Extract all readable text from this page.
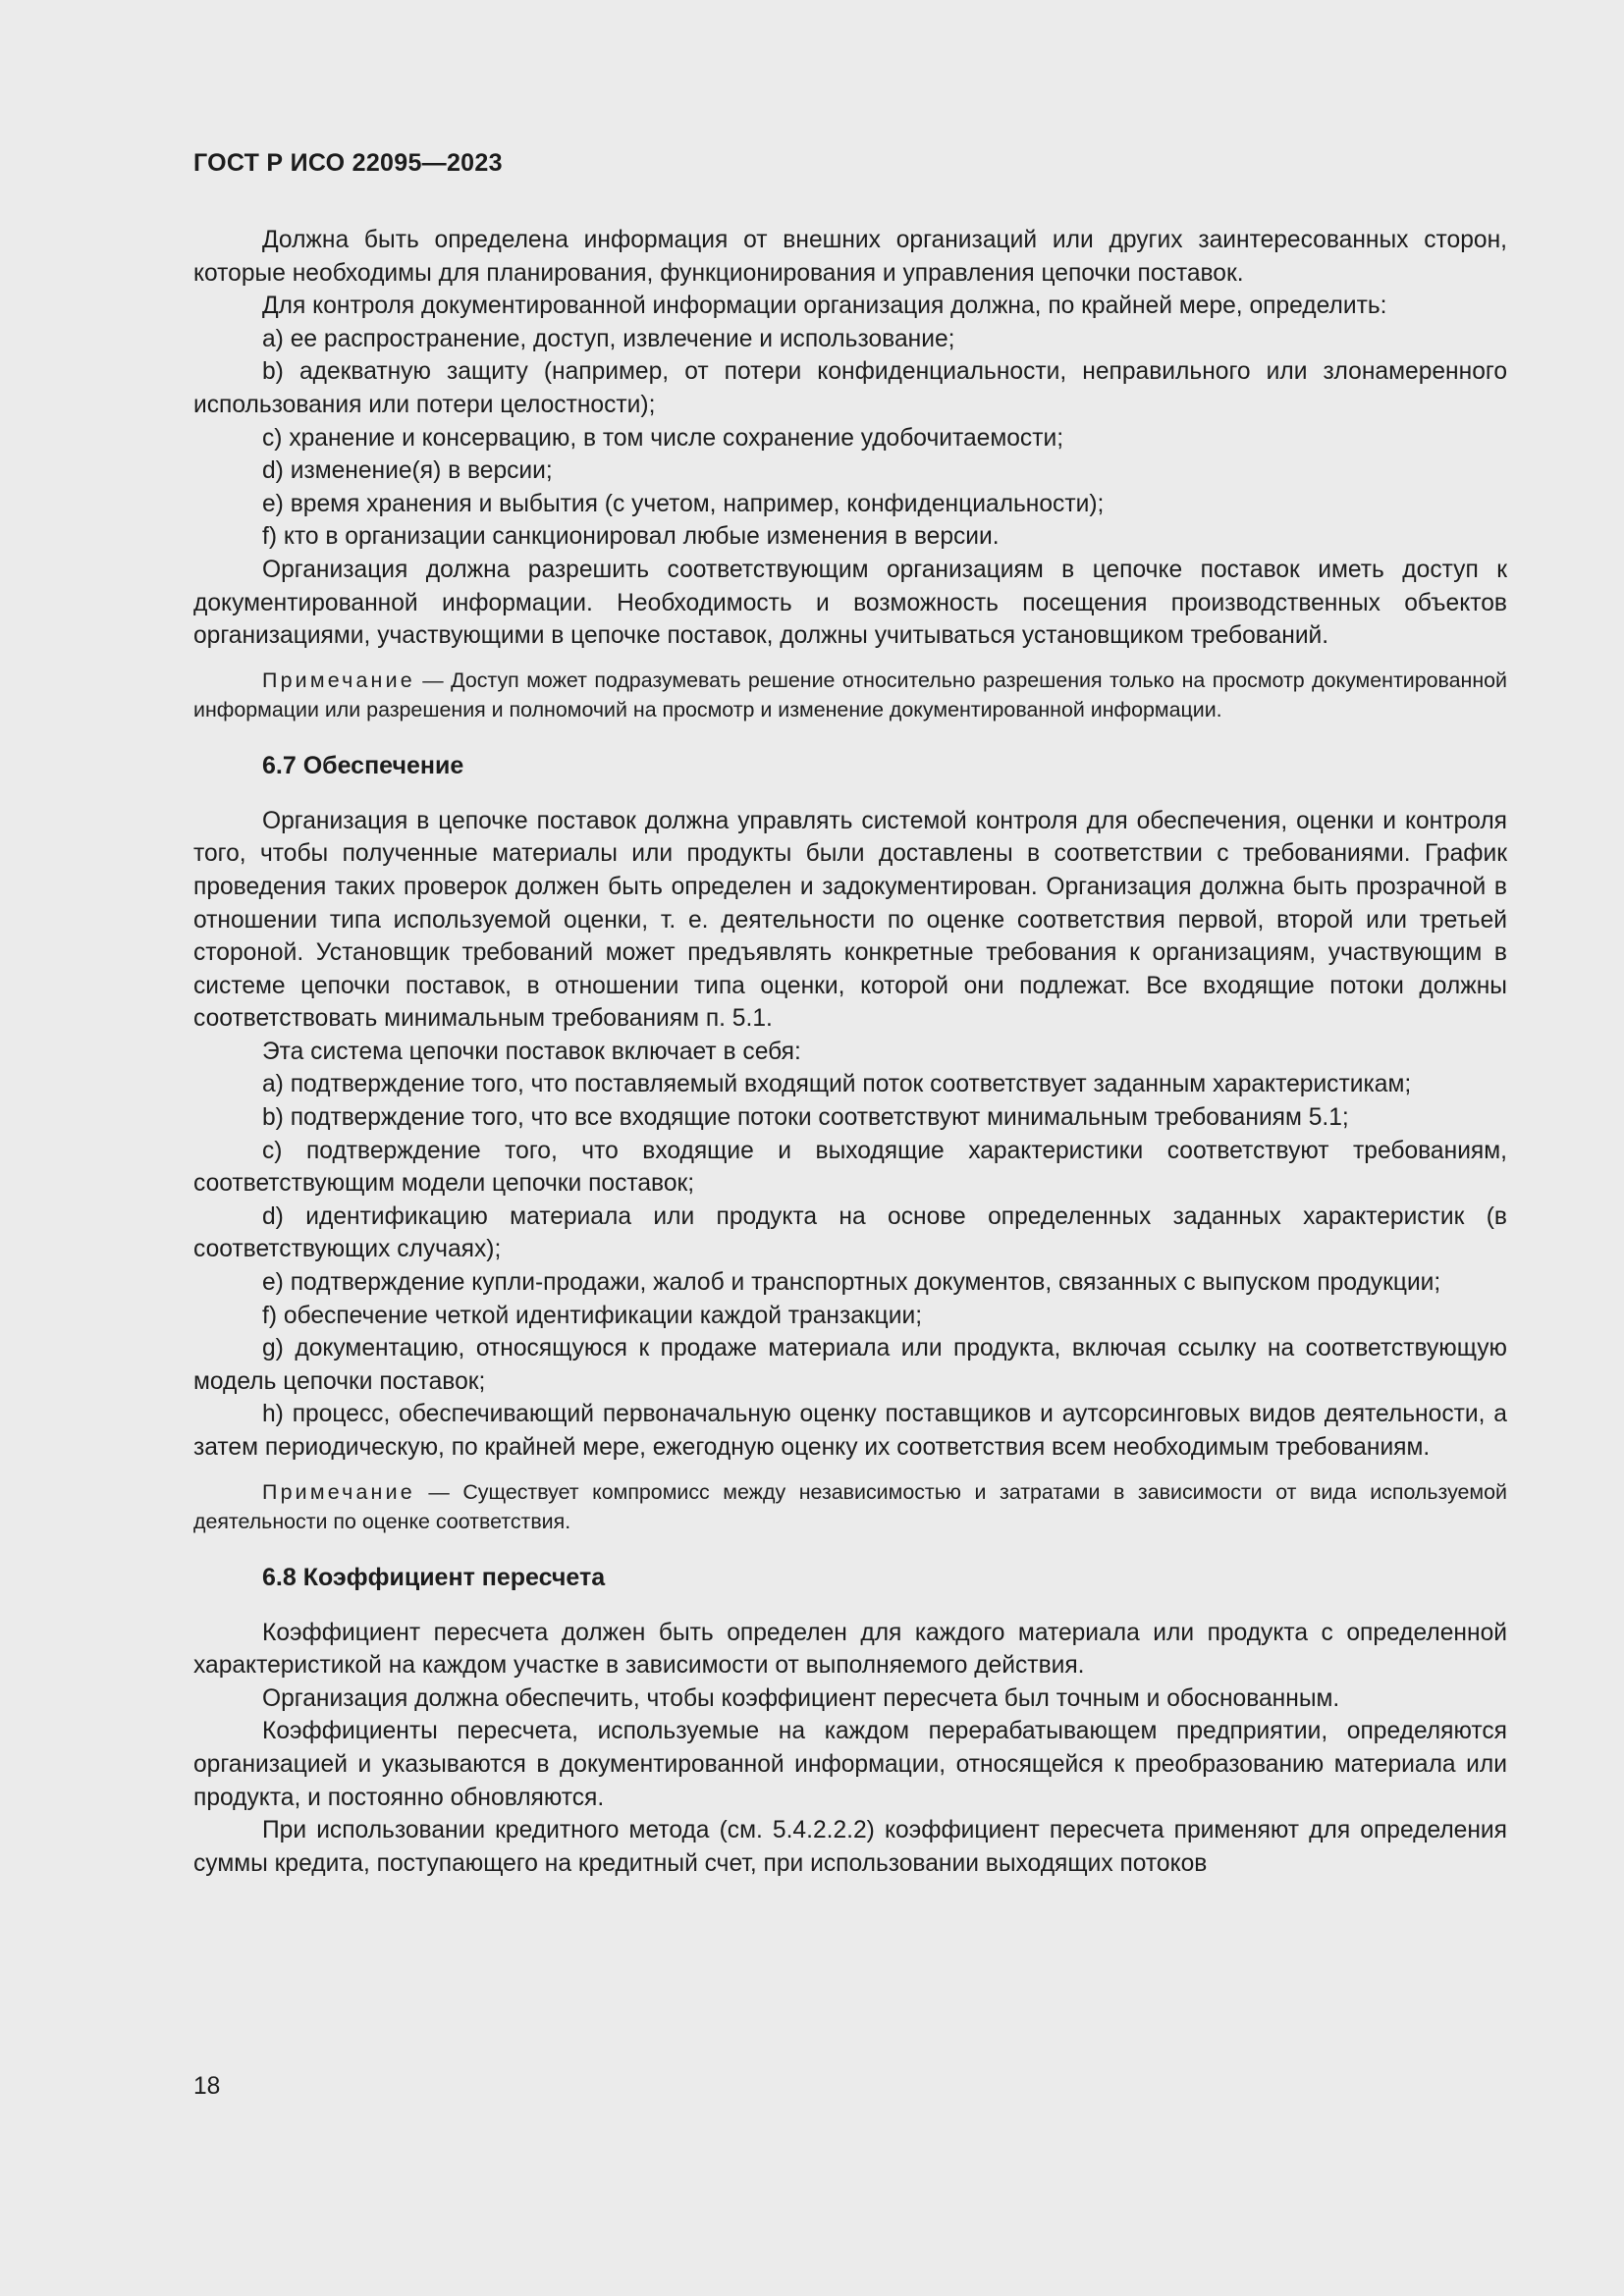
ГОСТ Р ИСО 22095—2023

Должна быть определена информация от внешних организаций или других заинтересованных сторон, которые необходимы для планирования, функционирования и управления цепочки поставок.

Для контроля документированной информации организация должна, по крайней мере, определить:

a) ее распространение, доступ, извлечение и использование;

b) адекватную защиту (например, от потери конфиденциальности, неправильного или злонамеренного использования или потери целостности);

c) хранение и консервацию, в том числе сохранение удобочитаемости;

d) изменение(я) в версии;

e) время хранения и выбытия (с учетом, например, конфиденциальности);

f) кто в организации санкционировал любые изменения в версии.

Организация должна разрешить соответствующим организациям в цепочке поставок иметь доступ к документированной информации. Необходимость и возможность посещения производственных объектов организациями, участвующими в цепочке поставок, должны учитываться установщиком требований.

Примечание — Доступ может подразумевать решение относительно разрешения только на просмотр документированной информации или разрешения и полномочий на просмотр и изменение документированной информации.

6.7 Обеспечение

Организация в цепочке поставок должна управлять системой контроля для обеспечения, оценки и контроля того, чтобы полученные материалы или продукты были доставлены в соответствии с требованиями. График проведения таких проверок должен быть определен и задокументирован. Организация должна быть прозрачной в отношении типа используемой оценки, т. е. деятельности по оценке соответствия первой, второй или третьей стороной. Установщик требований может предъявлять конкретные требования к организациям, участвующим в системе цепочки поставок, в отношении типа оценки, которой они подлежат. Все входящие потоки должны соответствовать минимальным требованиям п. 5.1.

Эта система цепочки поставок включает в себя:

a) подтверждение того, что поставляемый входящий поток соответствует заданным характеристикам;

b) подтверждение того, что все входящие потоки соответствуют минимальным требованиям 5.1;

c) подтверждение того, что входящие и выходящие характеристики соответствуют требованиям, соответствующим модели цепочки поставок;

d) идентификацию материала или продукта на основе определенных заданных характеристик (в соответствующих случаях);

e) подтверждение купли-продажи, жалоб и транспортных документов, связанных с выпуском продукции;

f) обеспечение четкой идентификации каждой транзакции;

g) документацию, относящуюся к продаже материала или продукта, включая ссылку на соответствующую модель цепочки поставок;

h) процесс, обеспечивающий первоначальную оценку поставщиков и аутсорсинговых видов деятельности, а затем периодическую, по крайней мере, ежегодную оценку их соответствия всем необходимым требованиям.

Примечание — Существует компромисс между независимостью и затратами в зависимости от вида используемой деятельности по оценке соответствия.

6.8 Коэффициент пересчета

Коэффициент пересчета должен быть определен для каждого материала или продукта с определенной характеристикой на каждом участке в зависимости от выполняемого действия.

Организация должна обеспечить, чтобы коэффициент пересчета был точным и обоснованным.

Коэффициенты пересчета, используемые на каждом перерабатывающем предприятии, определяются организацией и указываются в документированной информации, относящейся к преобразованию материала или продукта, и постоянно обновляются.

При использовании кредитного метода (см. 5.4.2.2.2) коэффициент пересчета применяют для определения суммы кредита, поступающего на кредитный счет, при использовании выходящих потоков

18
